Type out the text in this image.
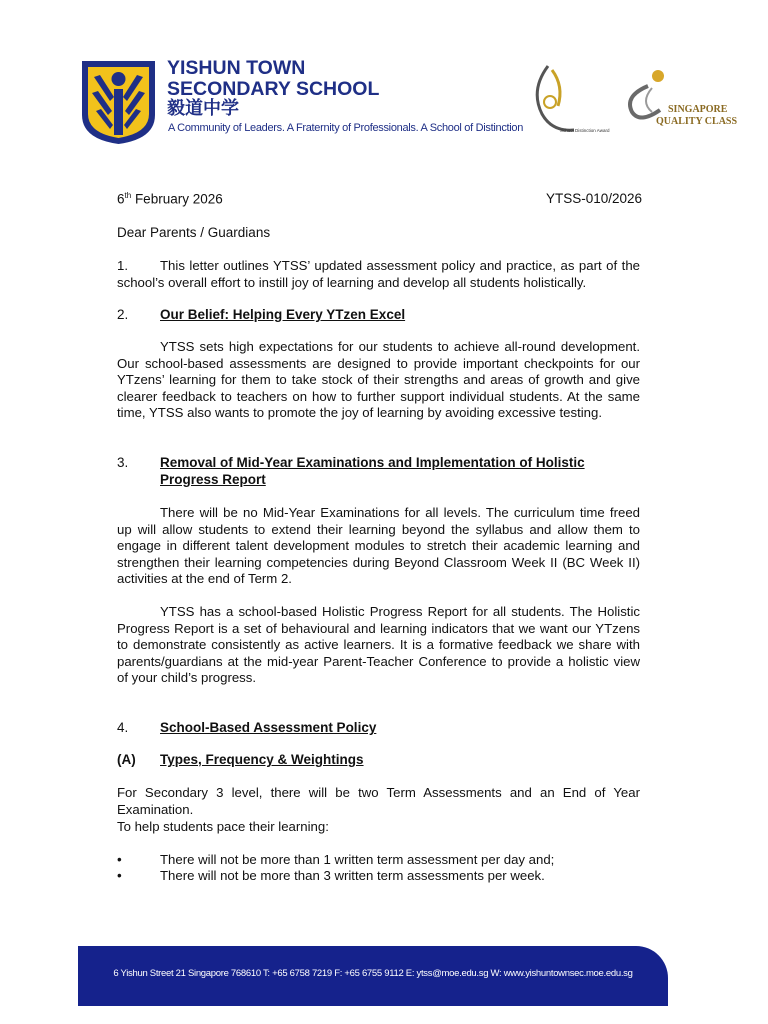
YISHUN TOWN
SECONDARY SCHOOL
毅道中学
A Community of Leaders. A Fraternity of Professionals. A School of Distinction	School Distinction Award
SINGAPORE
QUALITY CLASS
6th February 2026	YTSS-010/2026
Dear Parents / Guardians
1. This letter outlines YTSS’ updated assessment policy and practice, as part of the school’s overall effort to instill joy of learning and develop all students holistically.
2. Our Belief: Helping Every YTzen Excel
YTSS sets high expectations for our students to achieve all-round development. Our school-based assessments are designed to provide important checkpoints for our YTzens’ learning for them to take stock of their strengths and areas of growth and give clearer feedback to teachers on how to further support individual students. At the same time, YTSS also wants to promote the joy of learning by avoiding excessive testing.
3. Removal of Mid-Year Examinations and Implementation of Holistic Progress Report
There will be no Mid-Year Examinations for all levels. The curriculum time freed up will allow students to extend their learning beyond the syllabus and allow them to engage in different talent development modules to stretch their academic learning and strengthen their learning competencies during Beyond Classroom Week II (BC Week II) activities at the end of Term 2.
YTSS has a school-based Holistic Progress Report for all students. The Holistic Progress Report is a set of behavioural and learning indicators that we want our YTzens to demonstrate consistently as active learners. It is a formative feedback we share with parents/guardians at the mid-year Parent-Teacher Conference to provide a holistic view of your child’s progress.
4. School-Based Assessment Policy
(A) Types, Frequency & Weightings
For Secondary 3 level, there will be two Term Assessments and an End of Year Examination.
To help students pace their learning:
•	There will not be more than 1 written term assessment per day and;
•	There will not be more than 3 written term assessments per week.
6 Yishun Street 21 Singapore 768610 T: +65 6758 7219 F: +65 6755 9112 E: ytss@moe.edu.sg W: www.yishuntownsec.moe.edu.sg
